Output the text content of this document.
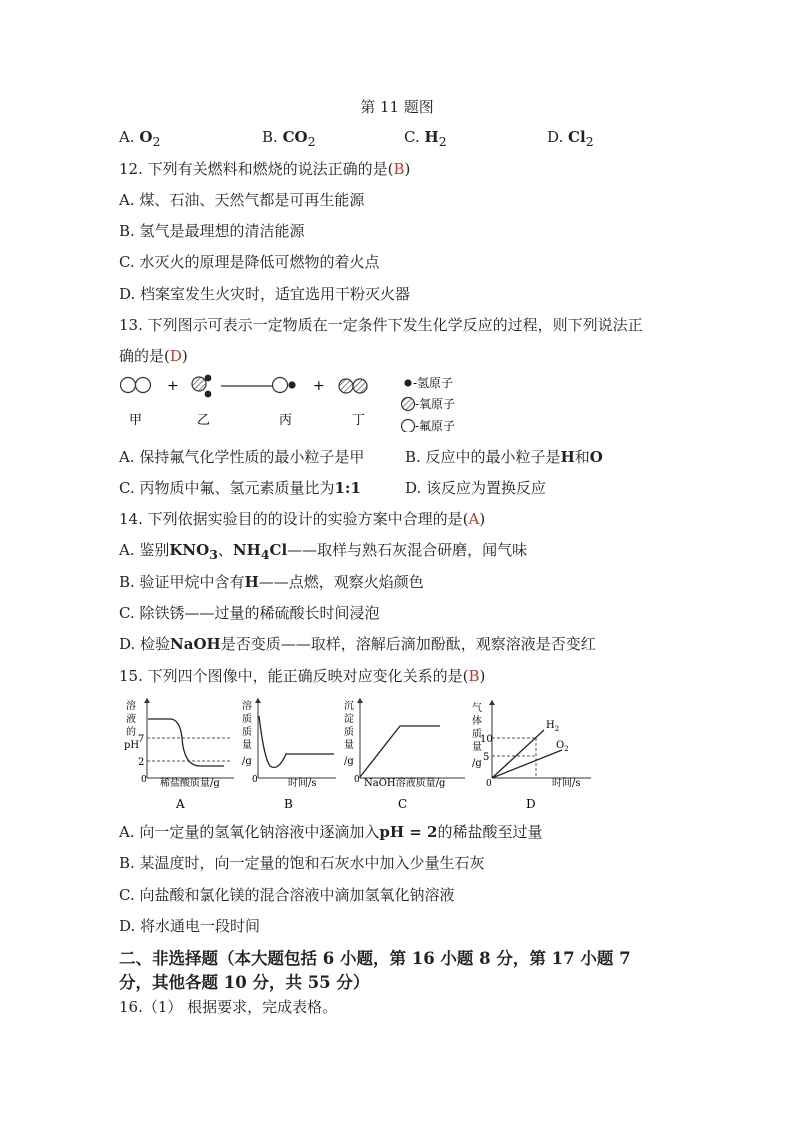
第 11 题图
A. $O_2$	B. $CO_2$	C. $H_2$	D. $Cl_2$
12. 下列有关燃料和燃烧的说法正确的是(B)
A. 煤、石油、天然气都是可再生能源
B. 氢气是最理想的清洁能源
C. 水灭火的原理是降低可燃物的着火点
D. 档案室发生火灾时，适宜选用干粉灭火器
13. 下列图示可表示一定物质在一定条件下发生化学反应的过程，则下列说法正
确的是(D)
+	+	-氢原子
-氧原子
-氟原子
甲	乙	丙	丁
A. 保持氟气化学性质的最小粒子是甲	B. 反应中的最小粒子是H和O
C. 丙物质中氟、氢元素质量比为1:1	D. 该反应为置换反应
14. 下列依据实验目的的设计的实验方案中合理的是(A)
A. 鉴别$KNO_3$、$NH_4Cl——$取样与熟石灰混合研磨，闻气味
B. 验证甲烷中含有H——点燃，观察火焰颜色
C. 除铁锈——过量的稀硫酸长时间浸泡
D. 检验NaOH是否变质——取样，溶解后滴加酚酞，观察溶液是否变红
15. 下列四个图像中，能正确反映对应变化关系的是(B)
溶
液
的
pH
7
2
0 稀盐酸质量/g
A
溶
质
质
量
/g
0	时间/s
B
沉
淀
质
量
/g
0 NaOH溶液质量/g
C
气
体
质
量
/g
10
5
$H_2$
$O_2$
0	时间/s
D
A. 向一定量的氢氧化钠溶液中逐滴加入pH = 2的稀盐酸至过量
B. 某温度时，向一定量的饱和石灰水中加入少量生石灰
C. 向盐酸和氯化镁的混合溶液中滴加氢氧化钠溶液
D. 将水通电一段时间
二、非选择题（本大题包括 6 小题，第 16 小题 8 分，第 17 小题 7
分，其他各题 10 分，共 55 分）
16.（1） 根据要求，完成表格。
